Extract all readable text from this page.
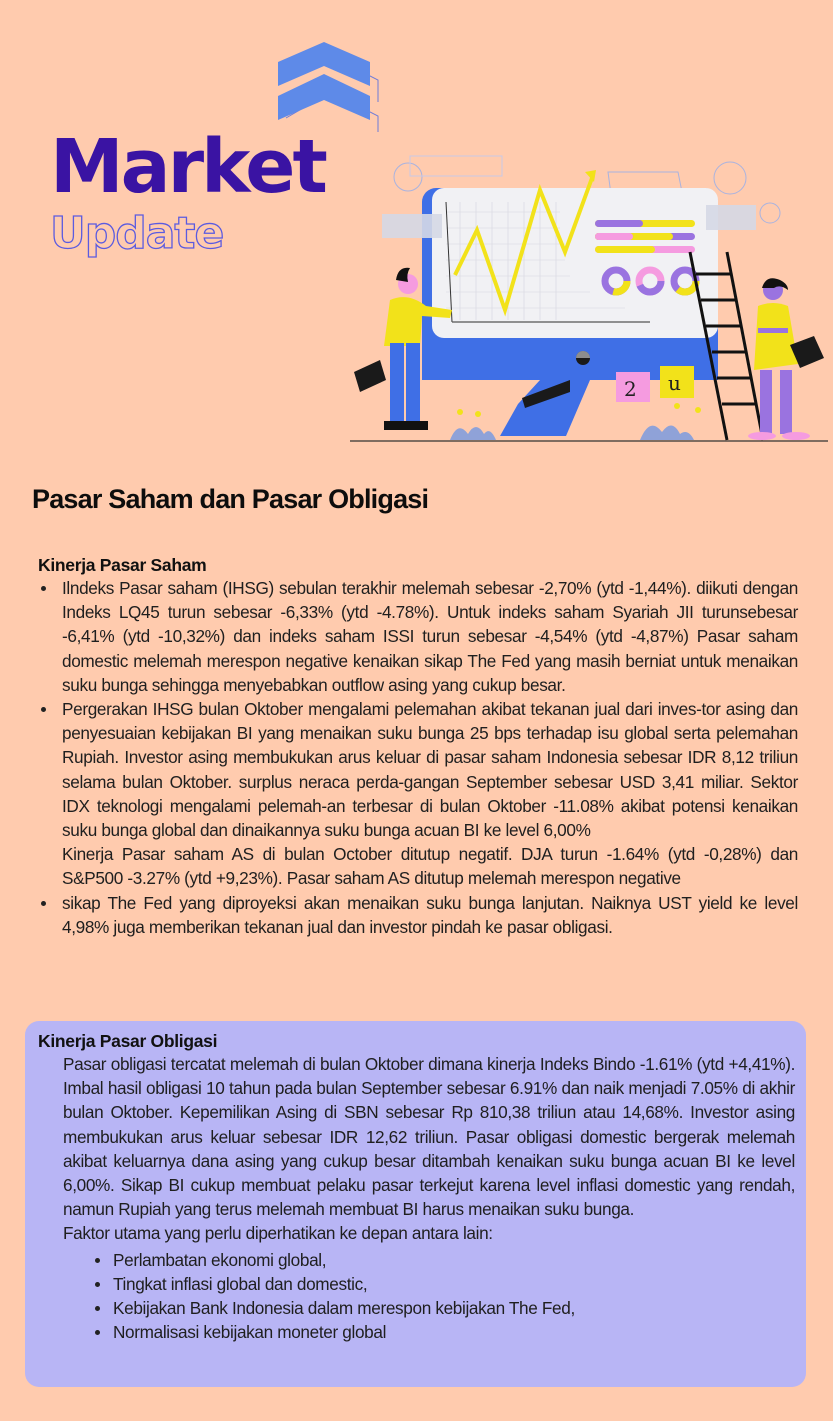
Market
Update
2 u
Pasar Saham dan Pasar Obligasi
Kinerja Pasar Saham
Ilndeks Pasar saham (IHSG) sebulan terakhir melemah sebesar -2,70% (ytd -1,44%). diikuti dengan Indeks LQ45 turun sebesar -6,33% (ytd -4.78%). Untuk indeks saham Syariah JII turunsebesar -6,41% (ytd -10,32%) dan indeks saham ISSI turun sebesar -4,54% (ytd -4,87%) Pasar saham domestic melemah merespon negative kenaikan sikap The Fed yang masih berniat untuk menaikan suku bunga sehingga menyebabkan outflow asing yang cukup besar.
Pergerakan IHSG bulan Oktober mengalami pelemahan akibat tekanan jual dari inves-tor asing dan penyesuaian kebijakan BI yang menaikan suku bunga 25 bps terhadap isu global serta pelemahan Rupiah. Investor asing membukukan arus keluar di pasar saham Indonesia sebesar IDR 8,12 triliun selama bulan Oktober. surplus neraca perda-gangan September sebesar USD 3,41 miliar. Sektor IDX teknologi mengalami pelemah-an terbesar di bulan Oktober -11.08% akibat potensi kenaikan suku bunga global dan dinaikannya suku bunga acuan BI ke level 6,00%
Kinerja Pasar saham AS di bulan October ditutup negatif. DJA turun -1.64% (ytd -0,28%) dan S&P500 -3.27% (ytd +9,23%). Pasar saham AS ditutup melemah merespon negative
sikap The Fed yang diproyeksi akan menaikan suku bunga lanjutan. Naiknya UST yield ke level 4,98% juga memberikan tekanan jual dan investor pindah ke pasar obligasi.
Kinerja Pasar Obligasi
Pasar obligasi tercatat melemah di bulan Oktober dimana kinerja Indeks Bindo -1.61% (ytd +4,41%). Imbal hasil obligasi 10 tahun pada bulan September sebesar 6.91% dan naik menjadi 7.05% di akhir bulan Oktober. Kepemilikan Asing di SBN sebesar Rp 810,38 triliun atau 14,68%. Investor asing membukukan arus keluar sebesar IDR 12,62 triliun. Pasar obligasi domestic bergerak melemah akibat keluarnya dana asing yang cukup besar ditambah kenaikan suku bunga acuan BI ke level 6,00%. Sikap BI cukup membuat pelaku pasar terkejut karena level inflasi domestic yang rendah, namun Rupiah yang terus melemah membuat BI harus menaikan suku bunga.
Faktor utama yang perlu diperhatikan ke depan antara lain:
Perlambatan ekonomi global,
Tingkat inflasi global dan domestic,
Kebijakan Bank Indonesia dalam merespon kebijakan The Fed,
Normalisasi kebijakan moneter global
